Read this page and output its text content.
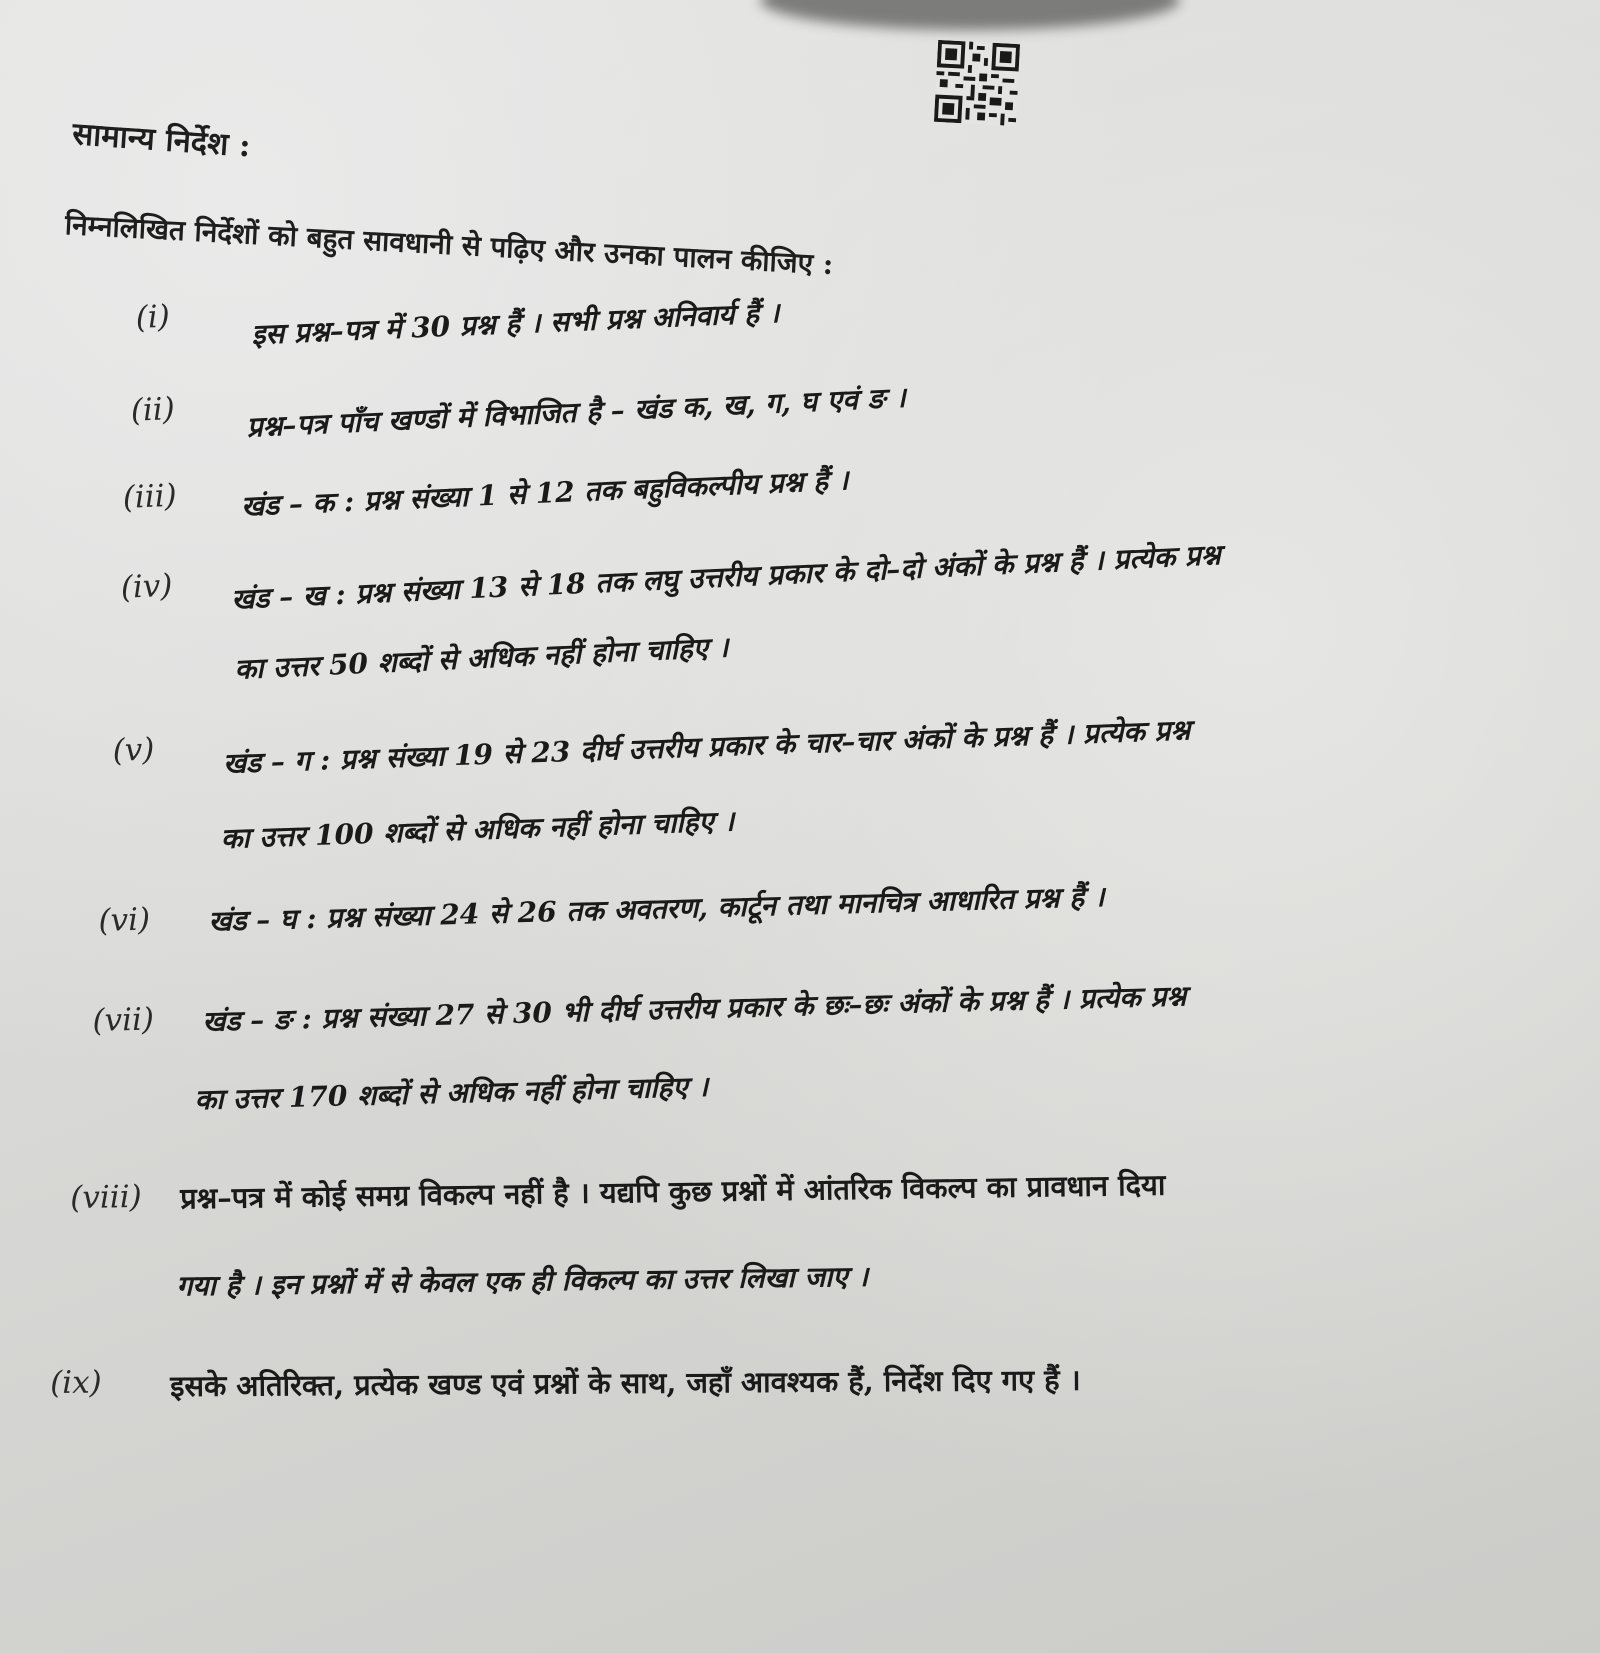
सामान्य निर्देश :
निम्नलिखित निर्देशों को बहुत सावधानी से पढ़िए और उनका पालन कीजिए :
(i)	इस प्रश्न–पत्र में 30 प्रश्न हैं । सभी प्रश्न अनिवार्य हैं ।
(ii)	प्रश्न–पत्र पाँच खण्डों में विभाजित है – खंड क, ख, ग, घ एवं ङ ।
(iii) खंड – क : प्रश्न संख्या 1 से 12 तक बहुविकल्पीय प्रश्न हैं ।
(iv) खंड – ख : प्रश्न संख्या 13 से 18 तक लघु उत्तरीय प्रकार के दो–दो अंकों के प्रश्न हैं । प्रत्येक प्रश्न
का उत्तर 50 शब्दों से अधिक नहीं होना चाहिए ।
(v) खंड – ग : प्रश्न संख्या 19 से 23 दीर्घ उत्तरीय प्रकार के चार–चार अंकों के प्रश्न हैं । प्रत्येक प्रश्न
का उत्तर 100 शब्दों से अधिक नहीं होना चाहिए ।
(vi) खंड – घ : प्रश्न संख्या 24 से 26 तक अवतरण, कार्टून तथा मानचित्र आधारित प्रश्न हैं ।
(vii) खंड – ङ : प्रश्न संख्या 27 से 30 भी दीर्घ उत्तरीय प्रकार के छः–छः अंकों के प्रश्न हैं । प्रत्येक प्रश्न
का उत्तर 170 शब्दों से अधिक नहीं होना चाहिए ।
(viii) प्रश्न–पत्र में कोई समग्र विकल्प नहीं है । यद्यपि कुछ प्रश्नों में आंतरिक विकल्प का प्रावधान दिया
गया है । इन प्रश्नों में से केवल एक ही विकल्प का उत्तर लिखा जाए ।
(ix) इसके अतिरिक्त, प्रत्येक खण्ड एवं प्रश्नों के साथ, जहाँ आवश्यक हैं, निर्देश दिए गए हैं ।
